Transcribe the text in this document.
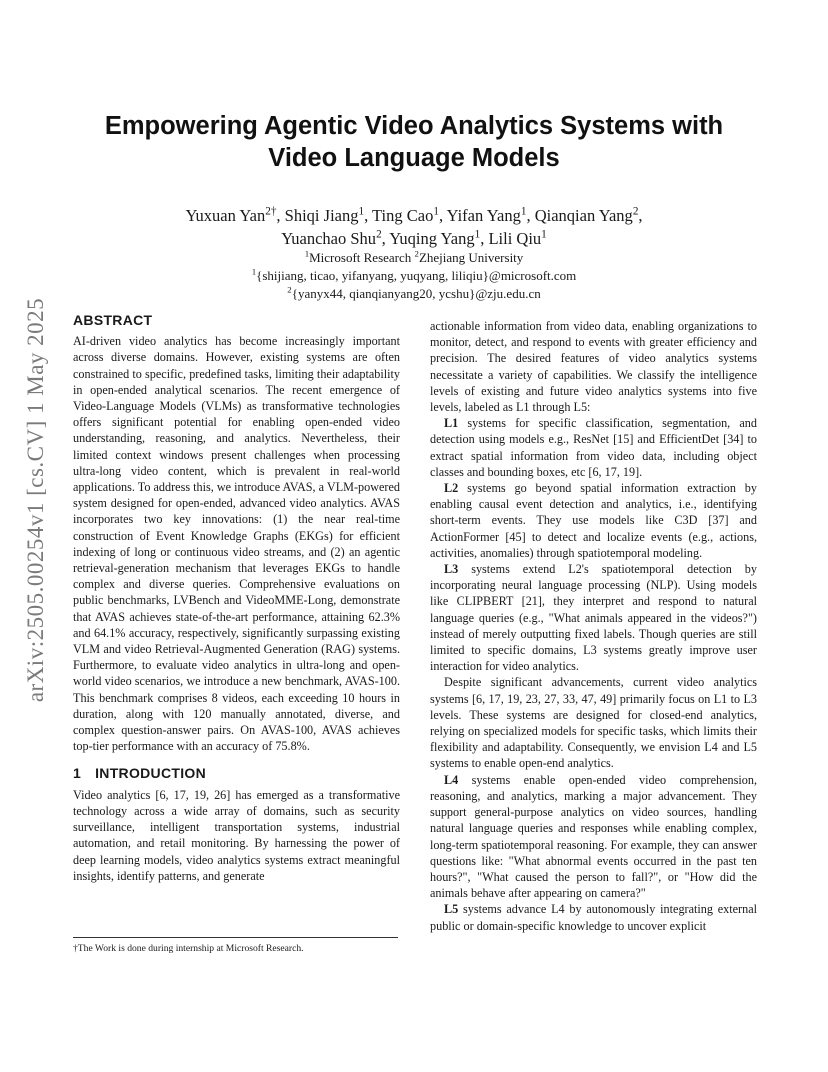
arXiv:2505.00254v1 [cs.CV] 1 May 2025
Empowering Agentic Video Analytics Systems with Video Language Models
Yuxuan Yan$^{2\dagger}$, Shiqi Jiang$^1$, Ting Cao$^1$, Yifan Yang$^1$, Qianqian Yang$^2$,
Yuanchao Shu$^2$, Yuqing Yang$^1$, Lili Qiu$^1$
$^1$Microsoft Research $^2$Zhejiang University
$^1${shijiang, ticao, yifanyang, yuqyang, liliqiu}@microsoft.com
$^2${yanyx44, qianqianyang20, ycshu}@zju.edu.cn
ABSTRACT

AI-driven video analytics has become increasingly important across diverse domains. However, existing systems are often constrained to specific, predefined tasks, limiting their adaptability in open-ended analytical scenarios. The recent emergence of Video-Language Models (VLMs) as transformative technologies offers significant potential for enabling open-ended video understanding, reasoning, and analytics. Nevertheless, their limited context windows present challenges when processing ultra-long video content, which is prevalent in real-world applications. To address this, we introduce AVAS, a VLM-powered system designed for open-ended, advanced video analytics. AVAS incorporates two key innovations: (1) the near real-time construction of Event Knowledge Graphs (EKGs) for efficient indexing of long or continuous video streams, and (2) an agentic retrieval-generation mechanism that leverages EKGs to handle complex and diverse queries. Comprehensive evaluations on public benchmarks, LVBench and VideoMME-Long, demonstrate that AVAS achieves state-of-the-art performance, attaining 62.3% and 64.1% accuracy, respectively, significantly surpassing existing VLM and video Retrieval-Augmented Generation (RAG) systems. Furthermore, to evaluate video analytics in ultra-long and open-world video scenarios, we introduce a new benchmark, AVAS-100. This benchmark comprises 8 videos, each exceeding 10 hours in duration, along with 120 manually annotated, diverse, and complex question-answer pairs. On AVAS-100, AVAS achieves top-tier performance with an accuracy of 75.8%.

1 INTRODUCTION

Video analytics [6, 17, 19, 26] has emerged as a transformative technology across a wide array of domains, such as security surveillance, intelligent transportation systems, industrial automation, and retail monitoring. By harnessing the power of deep learning models, video analytics systems extract meaningful insights, identify patterns, and generate

actionable information from video data, enabling organizations to monitor, detect, and respond to events with greater efficiency and precision. The desired features of video analytics systems necessitate a variety of capabilities. We classify the intelligence levels of existing and future video analytics systems into five levels, labeled as L1 through L5:

L1 systems for specific classification, segmentation, and detection using models e.g., ResNet [15] and EfficientDet [34] to extract spatial information from video data, including object classes and bounding boxes, etc [6, 17, 19].

L2 systems go beyond spatial information extraction by enabling causal event detection and analytics, i.e., identifying short-term events. They use models like C3D [37] and ActionFormer [45] to detect and localize events (e.g., actions, activities, anomalies) through spatiotemporal modeling.

L3 systems extend L2's spatiotemporal detection by incorporating neural language processing (NLP). Using models like CLIPBERT [21], they interpret and respond to natural language queries (e.g., "What animals appeared in the videos?") instead of merely outputting fixed labels. Though queries are still limited to specific domains, L3 systems greatly improve user interaction for video analytics.

Despite significant advancements, current video analytics systems [6, 17, 19, 23, 27, 33, 47, 49] primarily focus on L1 to L3 levels. These systems are designed for closed-end analytics, relying on specialized models for specific tasks, which limits their flexibility and adaptability. Consequently, we envision L4 and L5 systems to enable open-end analytics.

L4 systems enable open-ended video comprehension, reasoning, and analytics, marking a major advancement. They support general-purpose analytics on video sources, handling natural language queries and responses while enabling complex, long-term spatiotemporal reasoning. For example, they can answer questions like: "What abnormal events occurred in the past ten hours?", "What caused the person to fall?", or "How did the animals behave after appearing on camera?"

L5 systems advance L4 by autonomously integrating external public or domain-specific knowledge to uncover explicit

†The Work is done during internship at Microsoft Research.
